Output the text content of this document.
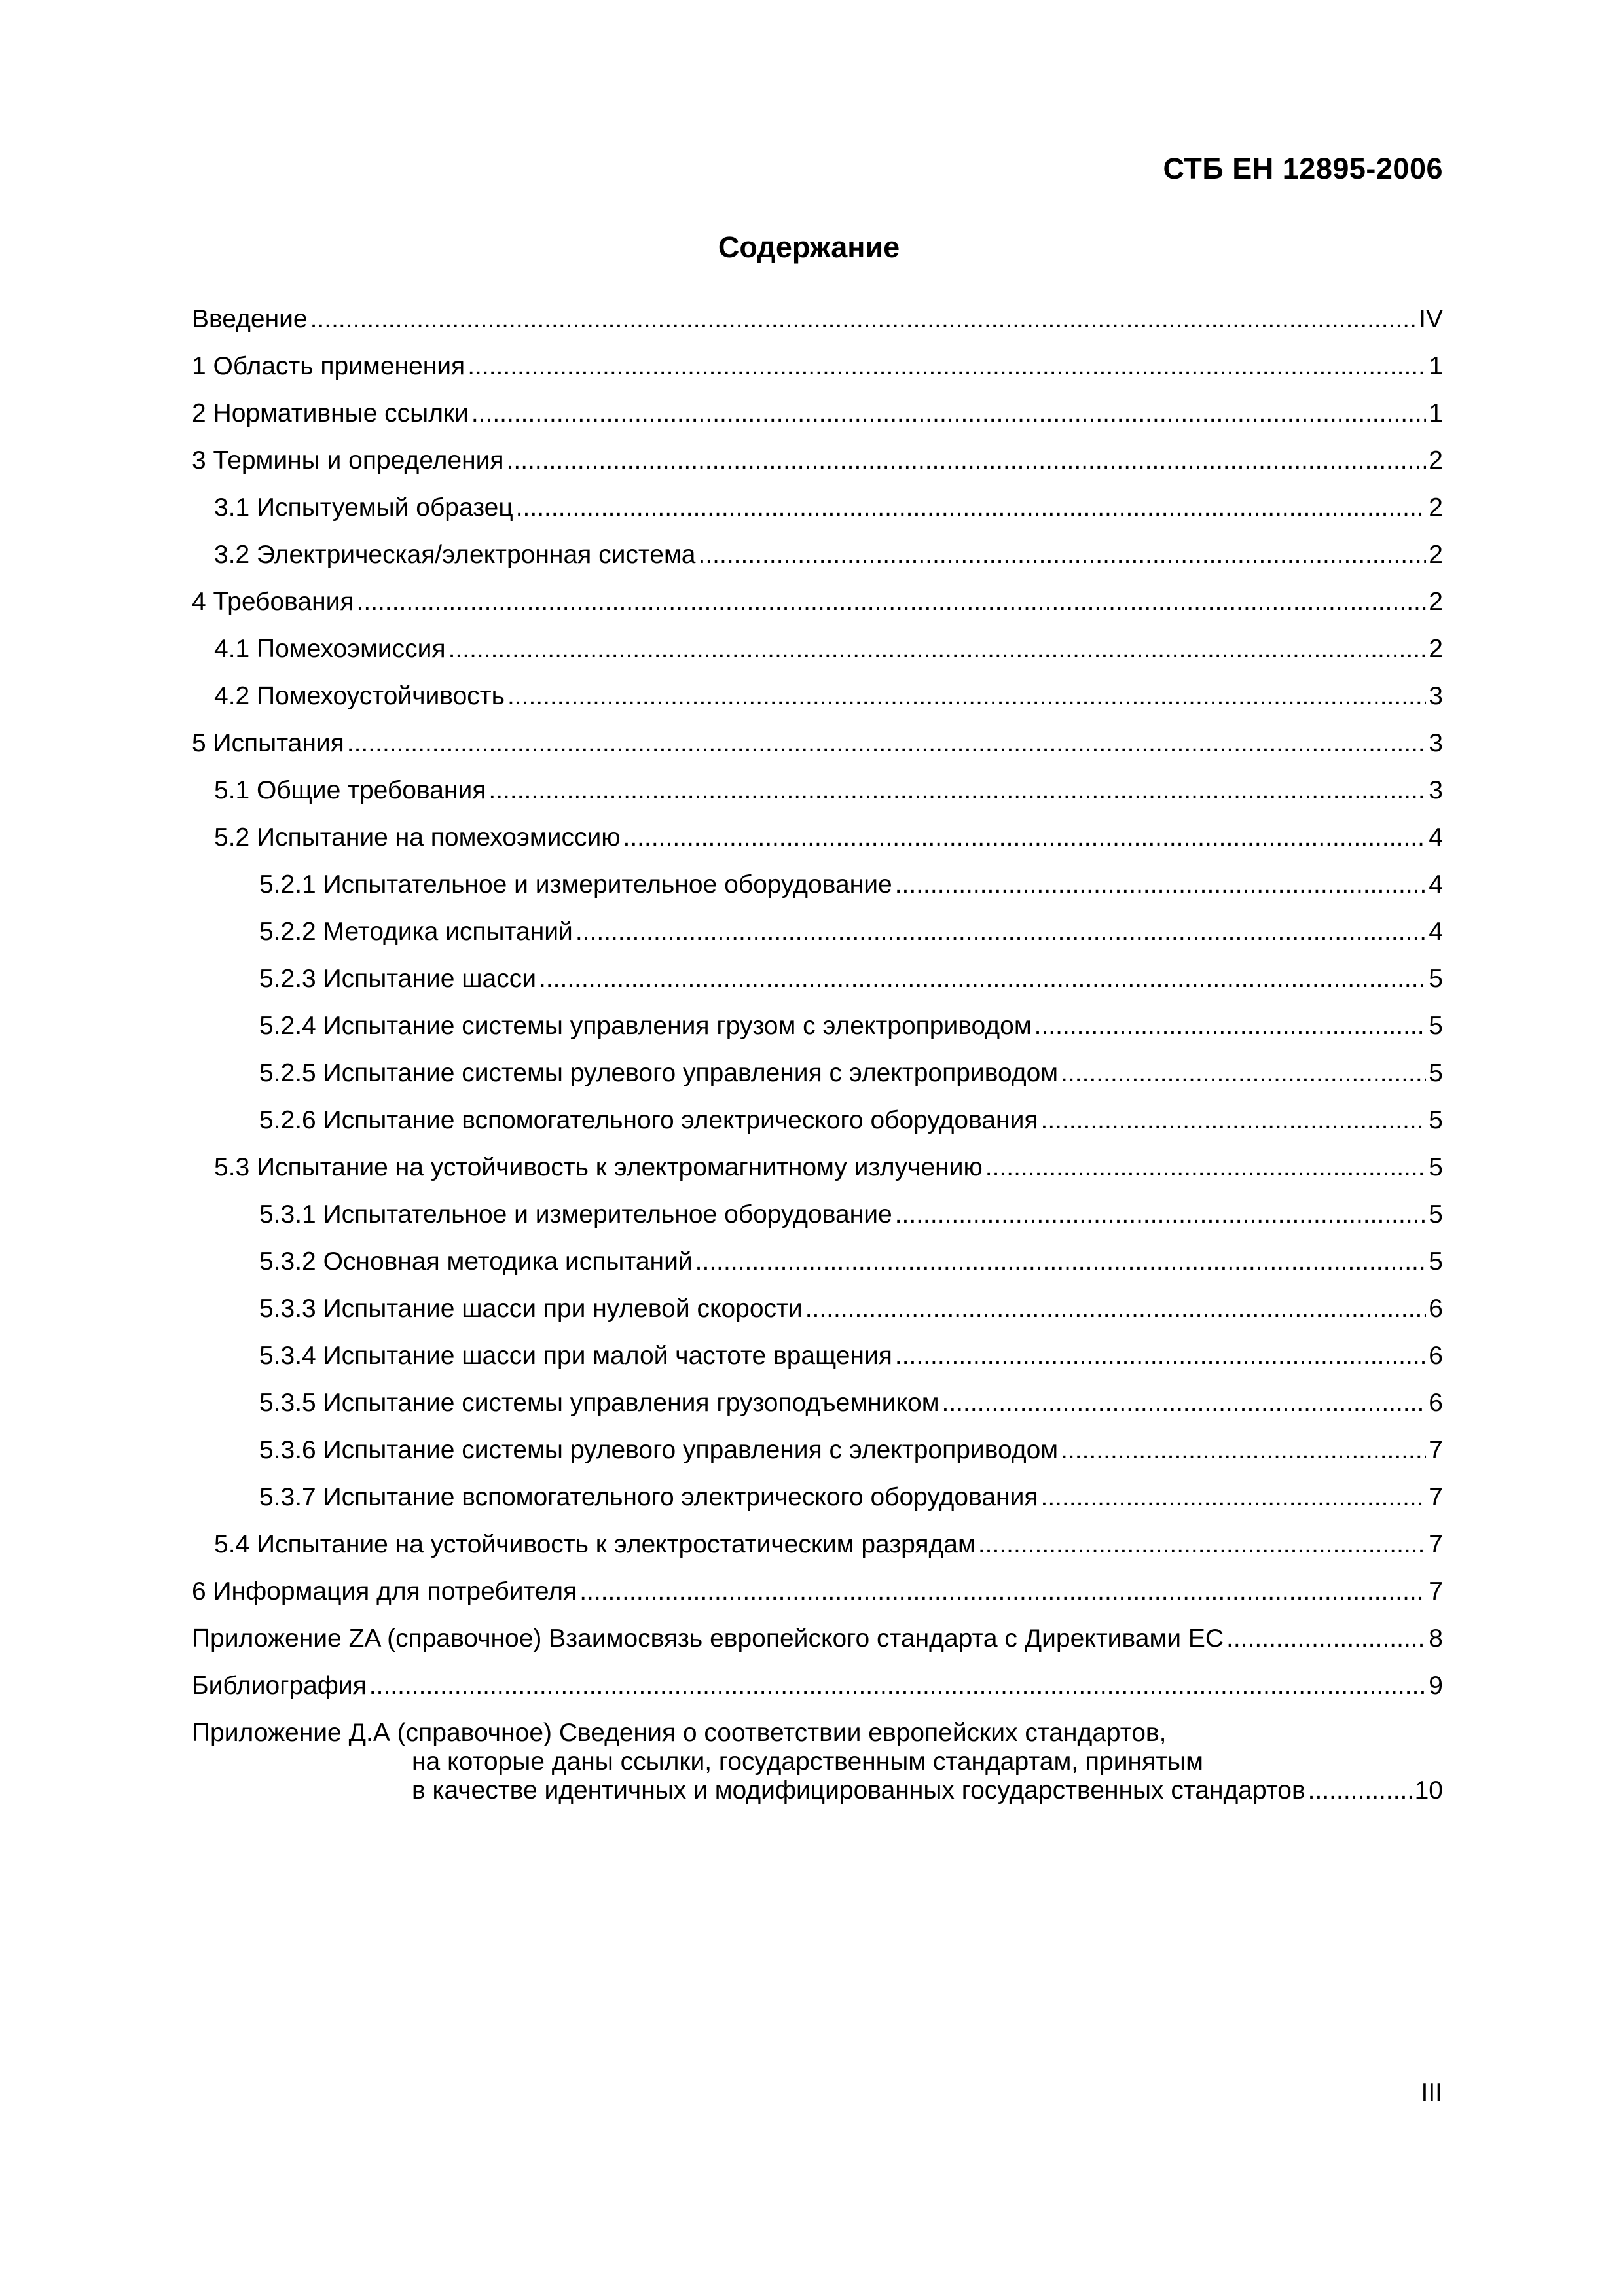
СТБ ЕН 12895-2006
Содержание
Введение .....	IV
1 Область применения .....	1
2 Нормативные ссылки .....	1
3 Термины и определения .....	2
3.1 Испытуемый образец .....	2
3.2 Электрическая/электронная система .....	2
4 Требования .....	2
4.1 Помехоэмиссия .....	2
4.2 Помехоустойчивость .....	3
5 Испытания .....	3
5.1 Общие требования .....	3
5.2 Испытание на помехоэмиссию .....	4
5.2.1 Испытательное и измерительное оборудование .....	4
5.2.2 Методика испытаний .....	4
5.2.3 Испытание шасси .....	5
5.2.4 Испытание системы управления грузом с электроприводом .....	5
5.2.5 Испытание системы рулевого управления с электроприводом .....	5
5.2.6 Испытание вспомогательного электрического оборудования .....	5
5.3 Испытание на устойчивость к электромагнитному излучению .....	5
5.3.1 Испытательное и измерительное оборудование .....	5
5.3.2 Основная методика испытаний .....	5
5.3.3 Испытание шасси при нулевой скорости .....	6
5.3.4 Испытание шасси при малой частоте вращения .....	6
5.3.5 Испытание системы управления грузоподъемником .....	6
5.3.6 Испытание системы рулевого управления с электроприводом .....	7
5.3.7 Испытание вспомогательного электрического оборудования .....	7
5.4 Испытание на устойчивость к электростатическим разрядам .....	7
6 Информация для потребителя .....	7
Приложение ZA (справочное) Взаимосвязь европейского стандарта с Директивами ЕС .....	8
Библиография .....	9
Приложение Д.А (справочное) Сведения о соответствии европейских стандартов,
на которые даны ссылки, государственным стандартам, принятым
в качестве идентичных и модифицированных государственных стандартов .....	10
III
